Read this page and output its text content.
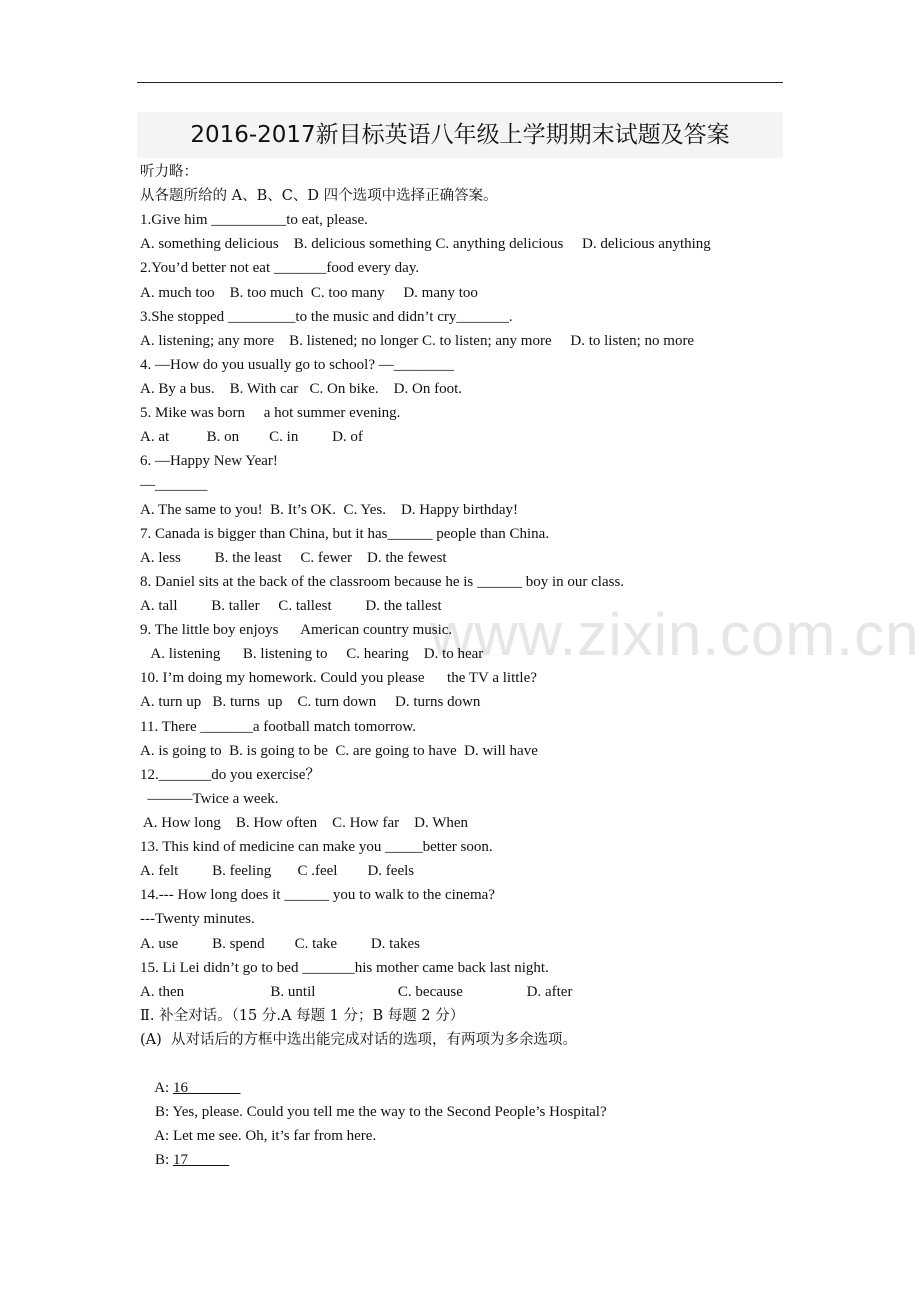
2016-2017新目标英语八年级上学期期末试题及答案
www.zixin.com.cn
听力略：
从各题所给的 A、B、C、D 四个选项中选择正确答案。
1.Give him __________to eat, please.
A. something delicious    B. delicious something C. anything delicious     D. delicious anything
2.You’d better not eat _______food every day.
A. much too    B. too much  C. too many     D. many too
3.She stopped _________to the music and didn’t cry_______.
A. listening; any more    B. listened; no longer C. to listen; any more     D. to listen; no more
4. —How do you usually go to school? —________
A. By a bus.    B. With car   C. On bike.    D. On foot.
5. Mike was born     a hot summer evening.
A. at          B. on        C. in         D. of
6. —Happy New Year!
—_______
A. The same to you!  B. It’s OK.  C. Yes.    D. Happy birthday!
7. Canada is bigger than China, but it has______ people than China.
A. less         B. the least     C. fewer    D. the fewest
8. Daniel sits at the back of the classroom because he is ______ boy in our class.
A. tall         B. taller     C. tallest         D. the tallest
9. The little boy enjoys      American country music.
A. listening      B. listening to     C. hearing    D. to hear
10. I’m doing my homework. Could you please      the TV a little?
A. turn up   B. turns  up    C. turn down     D. turns down
11. There _______a football match tomorrow.
A. is going to  B. is going to be  C. are going to have  D. will have
12._______do you exercise？
———Twice a week.
A. How long    B. How often    C. How far    D. When
13. This kind of medicine can make you _____better soon.
A. felt         B. feeling       C .feel        D. feels
14.--- How long does it ______ you to walk to the cinema?
---Twenty minutes.
A. use         B. spend        C. take         D. takes
15. Li Lei didn’t go to bed _______his mother came back last night.
A. then                       B. until                      C. because                 D. after
Ⅱ. 补全对话。（15 分.A 每题 1 分；B 每题 2 分）
(A)  从对话后的方框中选出能完成对话的选项，有两项为多余选项。

A: 16

B: Yes, please. Could you tell me the way to the Second People’s Hospital?

A: Let me see. Oh, it’s far from here.

B: 17
